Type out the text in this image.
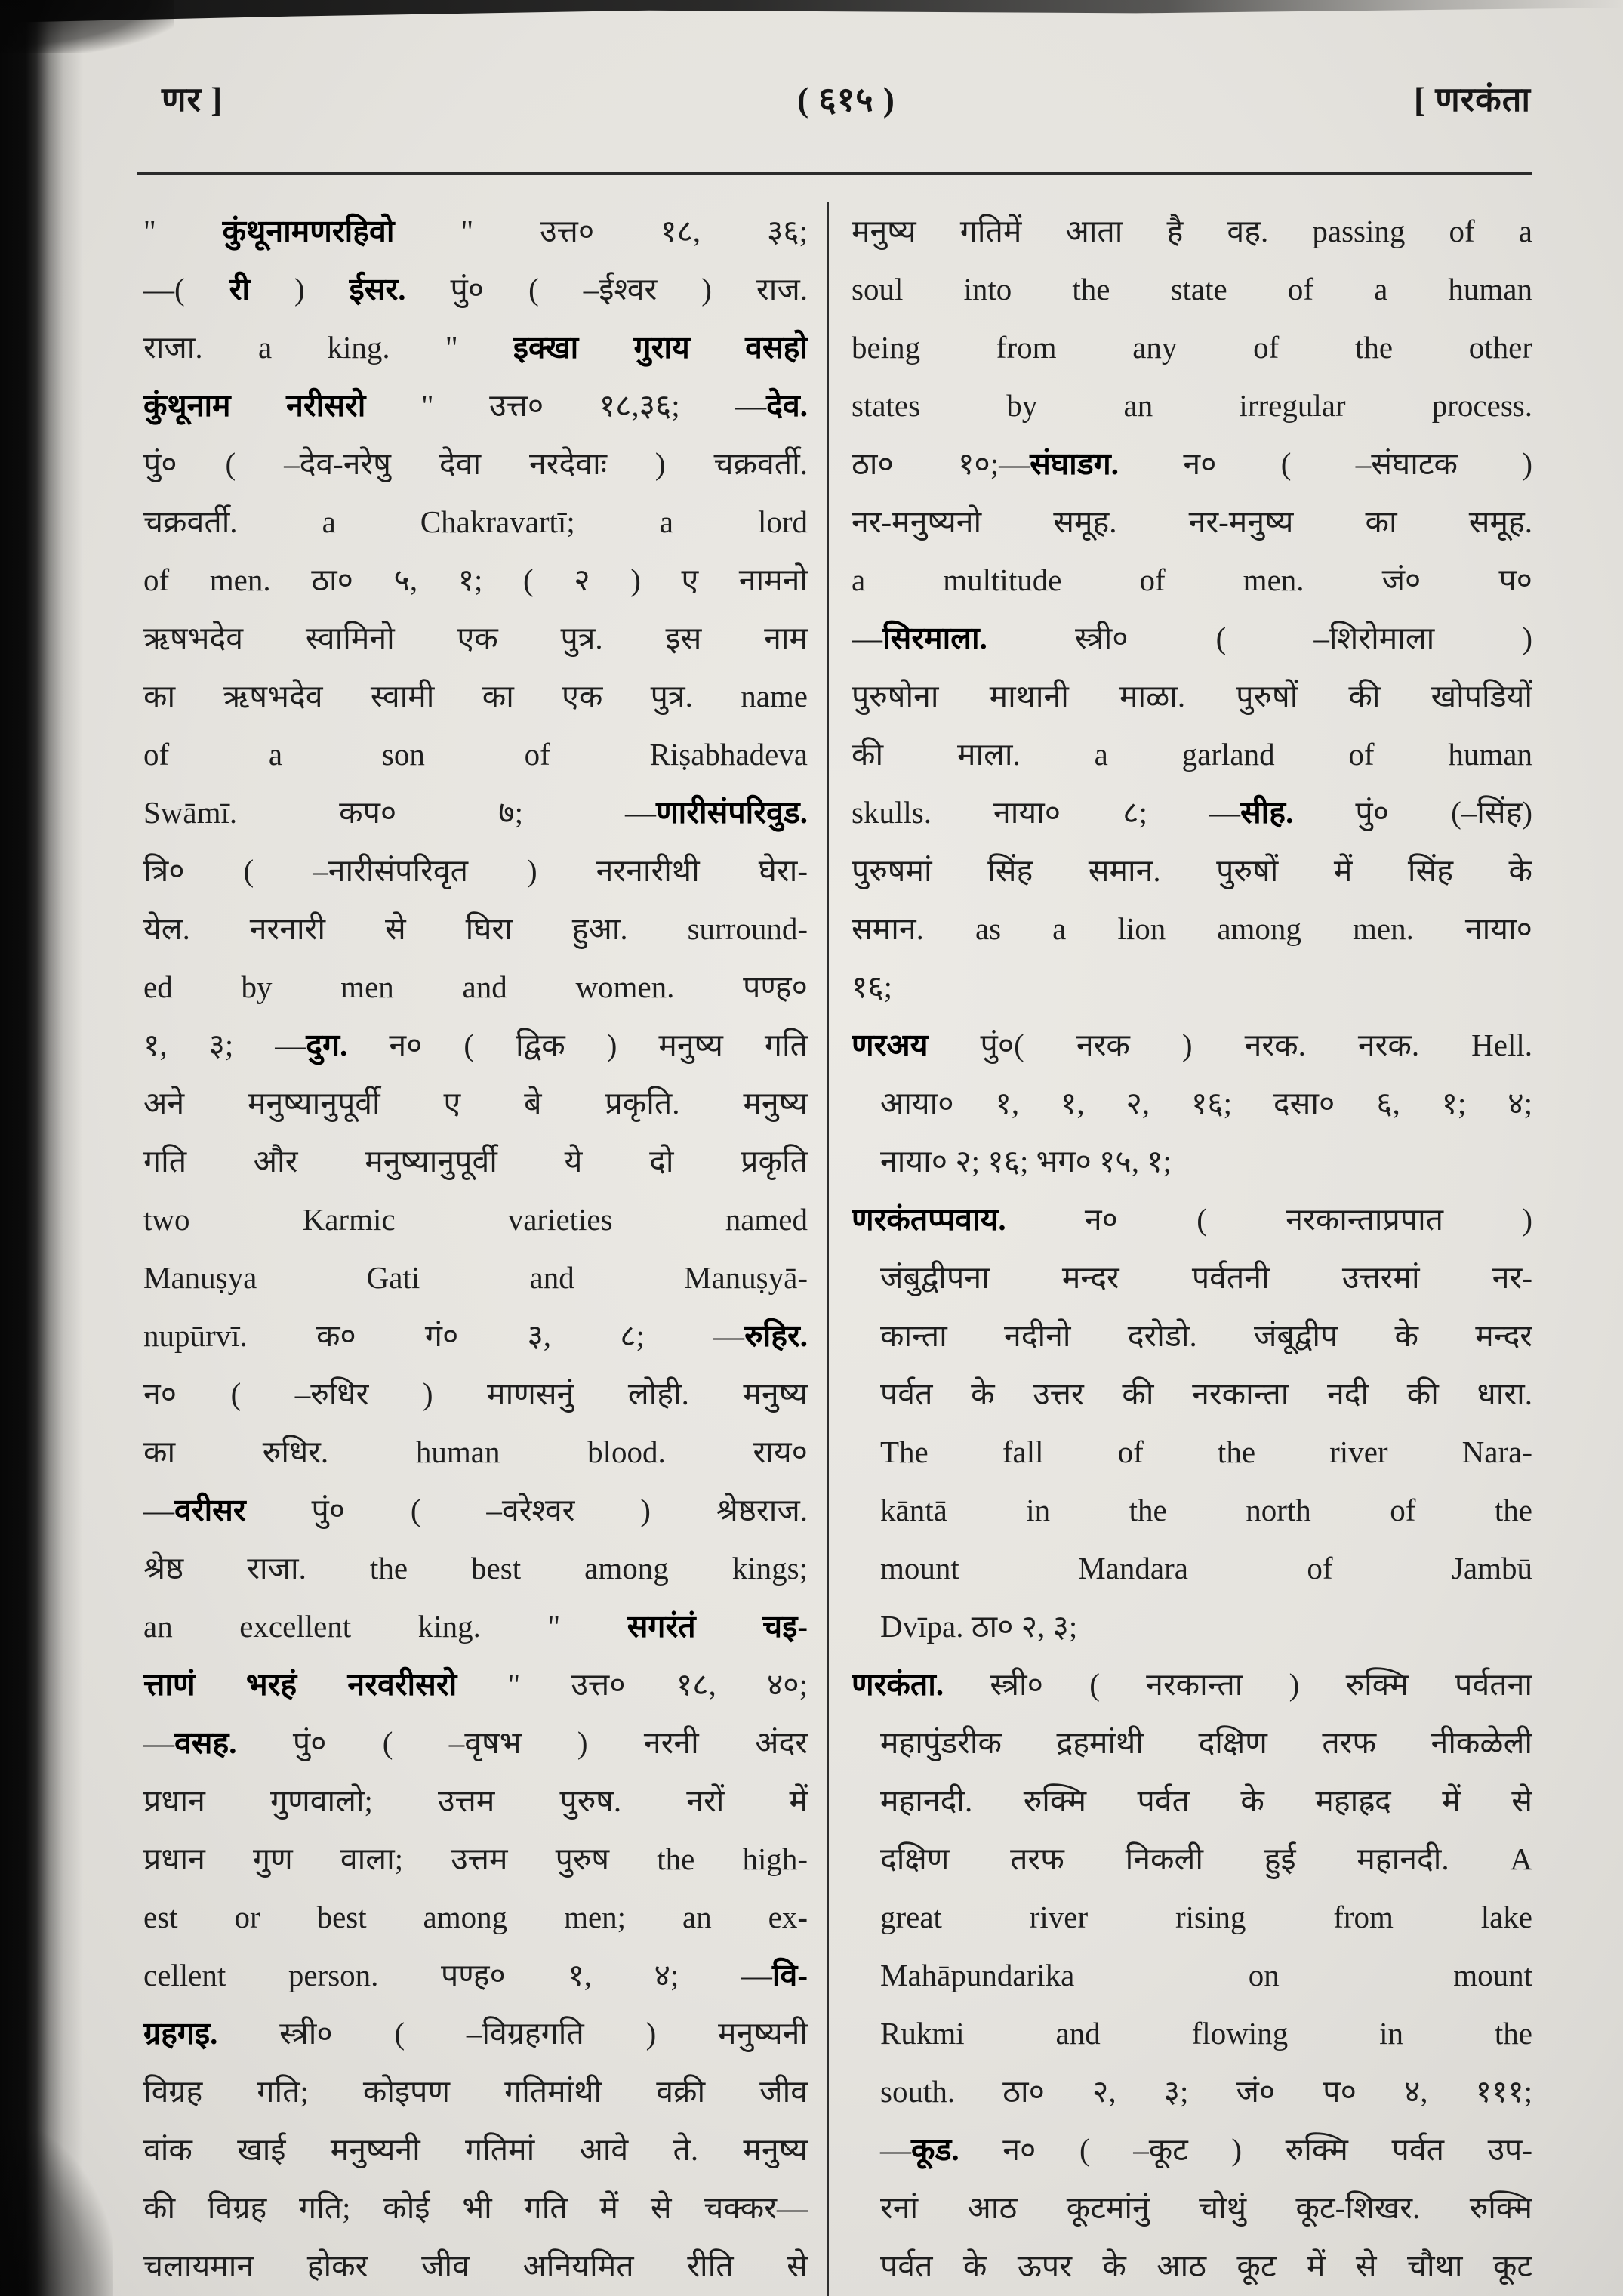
णर ]	( ६१५ )	[ णरकंता
" कुंथूनामणरहिवो " उत्त० १८, ३६;
—( री ) ईसर. पुं० ( –ईश्वर ) राज.
राजा. a king. " इक्खा गुराय वसहो
कुंथूनाम नरीसरो " उत्त० १८,३६; —देव.
पुं० ( –देव-नरेषु देवा नरदेवाः ) चक्रवर्ती.
चक्रवर्ती. a Chakravartī; a lord
of men. ठा० ५, १; ( २ ) ए नामनो
ऋषभदेव स्वामिनो एक पुत्र. इस नाम
का ऋषभदेव स्वामी का एक पुत्र. name
of a son of Riṣabhadeva
Swāmī. कप० ७; —णारीसंपरिवुड.
त्रि० ( –नारीसंपरिवृत ) नरनारीथी घेरा-
येल. नरनारी से घिरा हुआ. surround-
ed by men and women. पण्ह०
१, ३; —दुग. न० ( द्विक ) मनुष्य गति
अने मनुष्यानुपूर्वी ए बे प्रकृति. मनुष्य
गति और मनुष्यानुपूर्वी ये दो प्रकृति
two Karmic varieties named
Manuṣya Gati and Manuṣyā-
nupūrvī. क० गं० ३, ८; —रुहिर.
न० ( –रुधिर ) माणसनुं लोही. मनुष्य
का रुधिर. human blood. राय०
—वरीसर पुं० ( –वरेश्वर ) श्रेष्ठराज.
श्रेष्ठ राजा. the best among kings;
an excellent king. " सगरंतं चइ-
त्ताणं भरहं नरवरीसरो " उत्त० १८, ४०;
—वसह. पुं० ( –वृषभ ) नरनी अंदर
प्रधान गुणवालो; उत्तम पुरुष. नरों में
प्रधान गुण वाला; उत्तम पुरुष the high-
est or best among men; an ex-
cellent person. पण्ह० १, ४; —वि-
ग्रहगइ. स्त्री० ( –विग्रहगति ) मनुष्यनी
विग्रह गति; कोइपण गतिमांथी वक्री जीव
वांक खाई मनुष्यनी गतिमां आवे ते. मनुष्य
की विग्रह गति; कोई भी गति में से चक्कर—
चलायमान होकर जीव अनियमित रीति से
मनुष्य गतिमें आता है वह. passing of a
soul into the state of a human
being from any of the other
states by an irregular process.
ठा० १०;—संघाडग. न० ( –संघाटक )
नर-मनुष्यनो समूह. नर-मनुष्य का समूह.
a multitude of men. जं० प०
—सिरमाला. स्त्री० ( –शिरोमाला )
पुरुषोना माथानी माळा. पुरुषों की खोपडियों
की माला. a garland of human
skulls. नाया० ८; —सीह. पुं० (–सिंह)
पुरुषमां सिंह समान. पुरुषों में सिंह के
समान. as a lion among men. नाया०
१६;
णरअय पुं०( नरक ) नरक. नरक. Hell.
आया० १, १, २, १६; दसा० ६, १; ४;
नाया० २; १६; भग० १५, १;
णरकंतप्पवाय. न० ( नरकान्ताप्रपात )
जंबुद्वीपना मन्दर पर्वतनी उत्तरमां नर-
कान्ता नदीनो दरोडो. जंबूद्वीप के मन्दर
पर्वत के उत्तर की नरकान्ता नदी की धारा.
The fall of the river Nara-
kāntā in the north of the
mount Mandara of Jambū
Dvīpa. ठा० २, ३;
णरकंता. स्त्री० ( नरकान्ता ) रुक्मि पर्वतना
महापुंडरीक द्रहमांथी दक्षिण तरफ नीकळेली
महानदी. रुक्मि पर्वत के महाह्रद में से
दक्षिण तरफ निकली हुई महानदी. A
great river rising from lake
Mahāpundarika on mount
Rukmi and flowing in the
south. ठा० २, ३; जं० प० ४, १११;
—कूड. न० ( –कूट ) रुक्मि पर्वत उप-
रनां आठ कूटमांनुं चोथुं कूट-शिखर. रुक्मि
पर्वत के ऊपर के आठ कूट में से चौथा कूट
